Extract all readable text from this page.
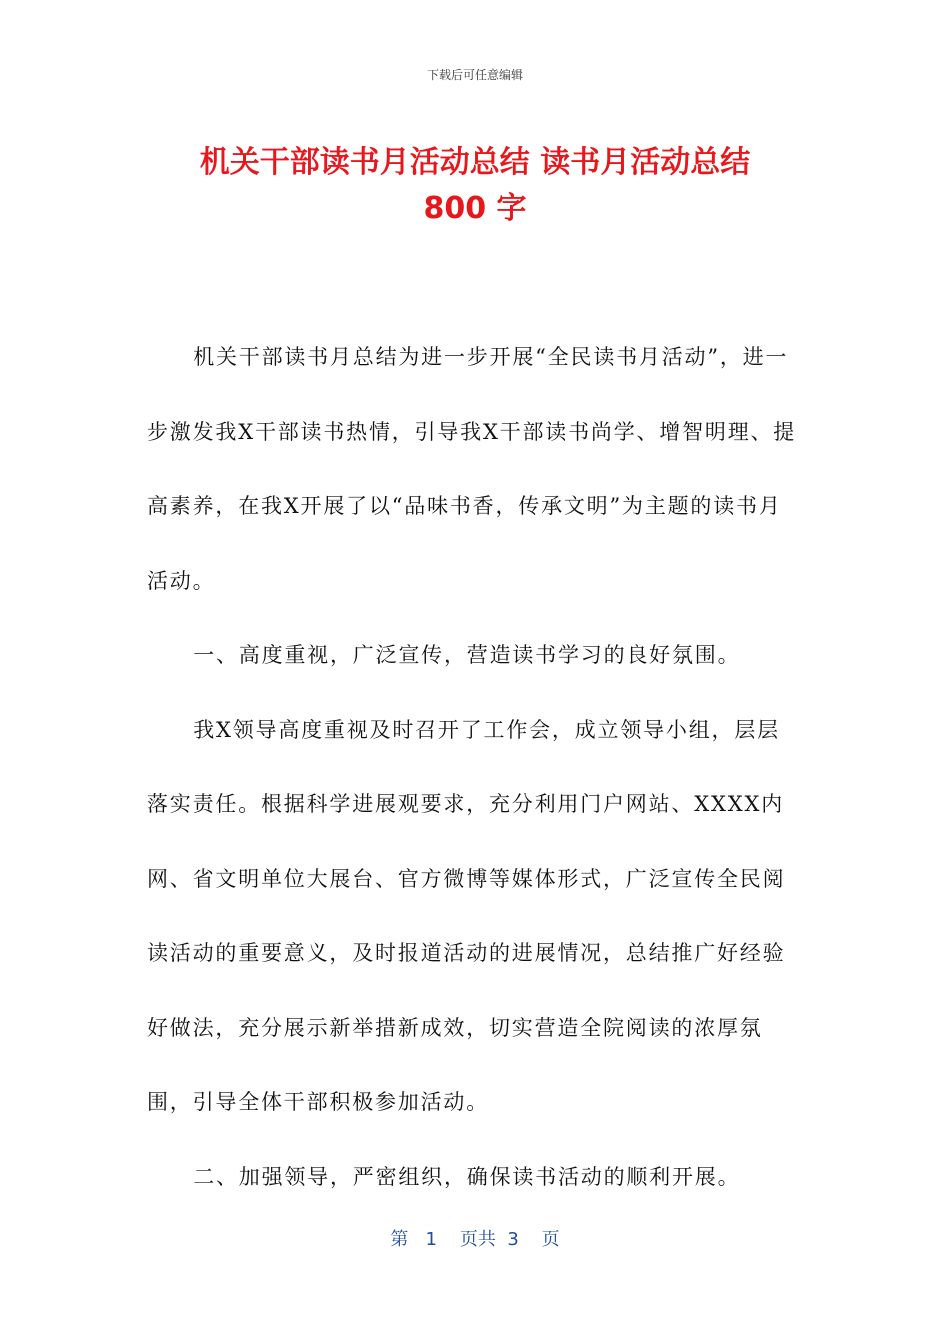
下载后可任意编辑
机关干部读书月活动总结 读书月活动总结
800 字

机关干部读书月总结为进一步开展“全民读书月活动”，进一步激发我X干部读书热情，引导我X干部读书尚学、增智明理、提高素养，在我X开展了以“品味书香，传承文明”为主题的读书月活动。

一、高度重视，广泛宣传，营造读书学习的良好氛围。

我X领导高度重视及时召开了工作会，成立领导小组，层层落实责任。根据科学进展观要求，充分利用门户网站、XXXX内网、省文明单位大展台、官方微博等媒体形式，广泛宣传全民阅读活动的重要意义，及时报道活动的进展情况，总结推广好经验好做法，充分展示新举措新成效，切实营造全院阅读的浓厚氛围，引导全体干部积极参加活动。

二、加强领导，严密组织，确保读书活动的顺利开展。

第 1 页共 3 页
